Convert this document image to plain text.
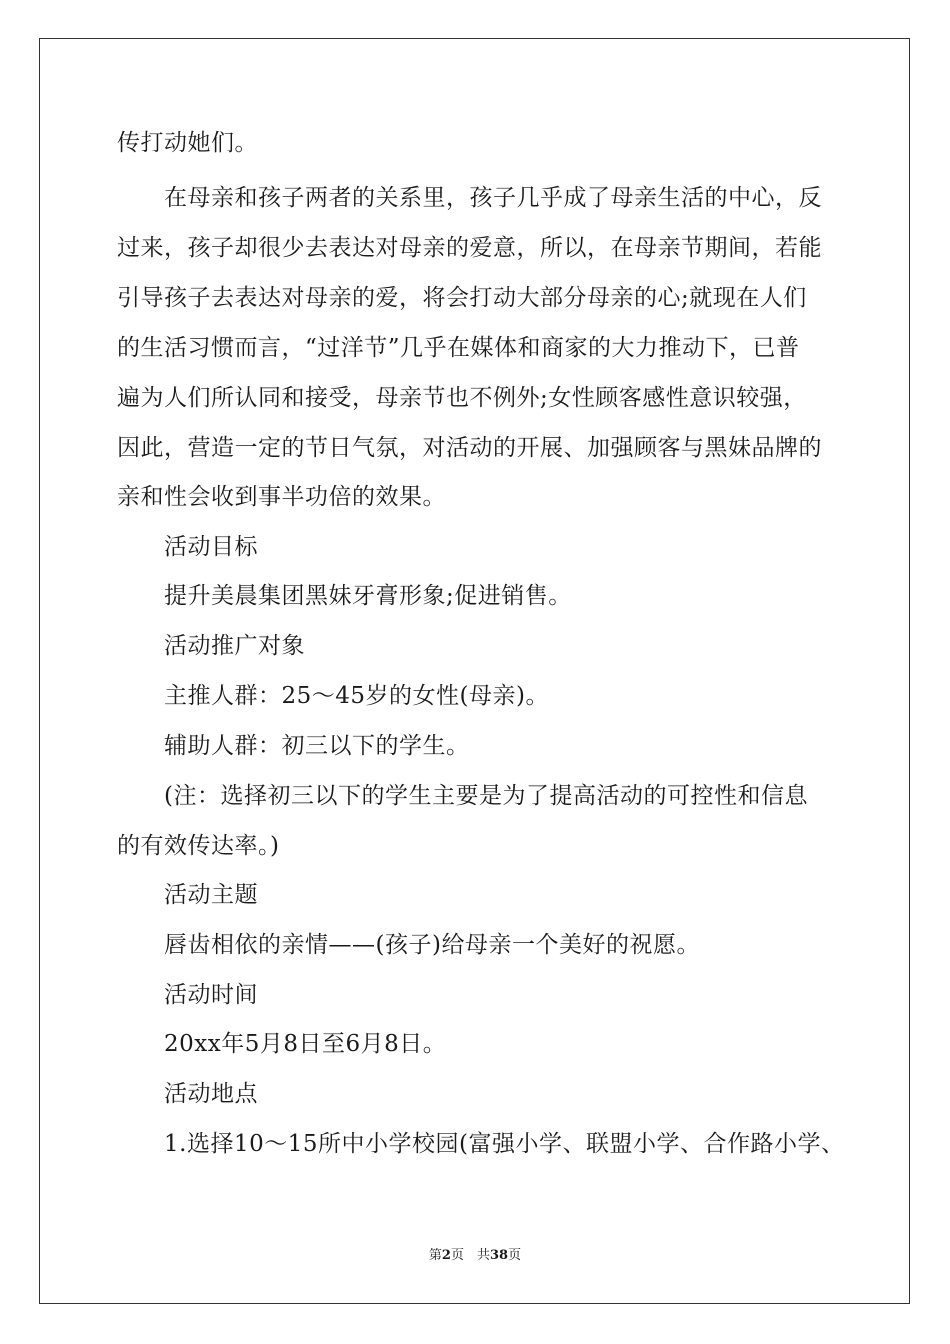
传打动她们。
在母亲和孩子两者的关系里，孩子几乎成了母亲生活的中心，反
过来，孩子却很少去表达对母亲的爱意，所以，在母亲节期间，若能
引导孩子去表达对母亲的爱，将会打动大部分母亲的心;就现在人们
的生活习惯而言，“过洋节”几乎在媒体和商家的大力推动下，已普
遍为人们所认同和接受，母亲节也不例外;女性顾客感性意识较强，
因此，营造一定的节日气氛，对活动的开展、加强顾客与黑妹品牌的
亲和性会收到事半功倍的效果。
活动目标
提升美晨集团黑妹牙膏形象;促进销售。
活动推广对象
主推人群：25～45岁的女性(母亲)。
辅助人群：初三以下的学生。
(注：选择初三以下的学生主要是为了提高活动的可控性和信息
的有效传达率。)
活动主题
唇齿相依的亲情——(孩子)给母亲一个美好的祝愿。
活动时间
20xx年5月8日至6月8日。
活动地点
1.选择10～15所中小学校园(富强小学、联盟小学、合作路小学、
第2页　共38页
